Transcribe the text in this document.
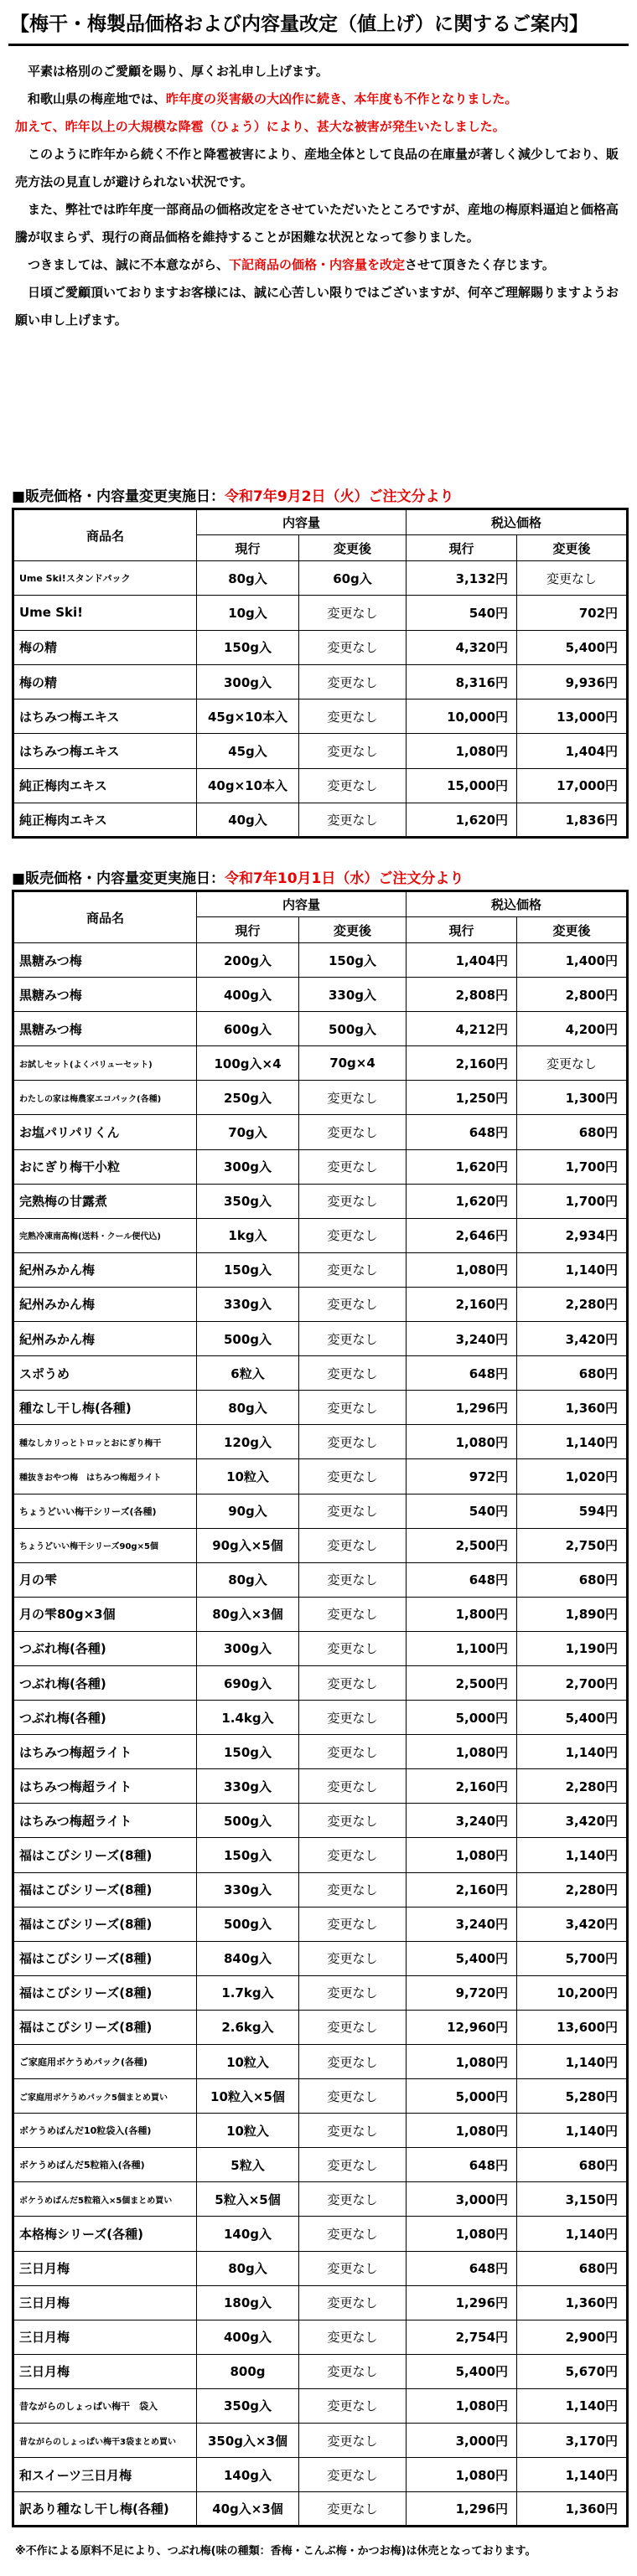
【梅干・梅製品価格および内容量改定（値上げ）に関するご案内】

　平素は格別のご愛顧を賜り、厚くお礼申し上げます。

　和歌山県の梅産地では、昨年度の災害級の大凶作に続き、本年度も不作となりました。

加えて、昨年以上の大規模な降雹（ひょう）により、甚大な被害が発生いたしました。

　このように昨年から続く不作と降雹被害により、産地全体として良品の在庫量が著しく減少しており、販売方法の見直しが避けられない状況です。

　また、弊社では昨年度一部商品の価格改定をさせていただいたところですが、産地の梅原料逼迫と価格高騰が収まらず、現行の商品価格を維持することが困難な状況となって参りました。

　つきましては、誠に不本意ながら、下記商品の価格・内容量を改定させて頂きたく存じます。

　日頃ご愛顧頂いておりますお客様には、誠に心苦しい限りではございますが、何卒ご理解賜りますようお願い申し上げます。

■販売価格・内容量変更実施日：令和7年9月2日（火）ご注文分より
商品名	内容量		税込価格	
	現行	変更後	現行	変更後
Ume Ski!スタンドパック	80g入	60g入	3,132円	変更なし
Ume Ski!	10g入	変更なし	540円	702円
梅の精	150g入	変更なし	4,320円	5,400円
梅の精	300g入	変更なし	8,316円	9,936円
はちみつ梅エキス	45g×10本入	変更なし	10,000円	13,000円
はちみつ梅エキス	45g入	変更なし	1,080円	1,404円
純正梅肉エキス	40g×10本入	変更なし	15,000円	17,000円
純正梅肉エキス	40g入	変更なし	1,620円	1,836円
■販売価格・内容量変更実施日：令和7年10月1日（水）ご注文分より
商品名	内容量		税込価格	
	現行	変更後	現行	変更後
黒糖みつ梅	200g入	150g入	1,404円	1,400円
黒糖みつ梅	400g入	330g入	2,808円	2,800円
黒糖みつ梅	600g入	500g入	4,212円	4,200円
お試しセット(よくバリューセット)	100g入×4	70g×4	2,160円	変更なし
わたしの家は梅農家エコパック(各種)	250g入	変更なし	1,250円	1,300円
お塩パリパリくん	70g入	変更なし	648円	680円
おにぎり梅干小粒	300g入	変更なし	1,620円	1,700円
完熟梅の甘露煮	350g入	変更なし	1,620円	1,700円
完熟冷凍南高梅(送料・クール便代込)	1kg入	変更なし	2,646円	2,934円
紀州みかん梅	150g入	変更なし	1,080円	1,140円
紀州みかん梅	330g入	変更なし	2,160円	2,280円
紀州みかん梅	500g入	変更なし	3,240円	3,420円
スポうめ	6粒入	変更なし	648円	680円
種なし干し梅(各種)	80g入	変更なし	1,296円	1,360円
種なしカリっとトロッとおにぎり梅干	120g入	変更なし	1,080円	1,140円
種抜きおやつ梅　はちみつ梅超ライト	10粒入	変更なし	972円	1,020円
ちょうどいい梅干シリーズ(各種)	90g入	変更なし	540円	594円
ちょうどいい梅干シリーズ90g×5個	90g入×5個	変更なし	2,500円	2,750円
月の雫	80g入	変更なし	648円	680円
月の雫80g×3個	80g入×3個	変更なし	1,800円	1,890円
つぶれ梅(各種)	300g入	変更なし	1,100円	1,190円
つぶれ梅(各種)	690g入	変更なし	2,500円	2,700円
つぶれ梅(各種)	1.4kg入	変更なし	5,000円	5,400円
はちみつ梅超ライト	150g入	変更なし	1,080円	1,140円
はちみつ梅超ライト	330g入	変更なし	2,160円	2,280円
はちみつ梅超ライト	500g入	変更なし	3,240円	3,420円
福はこびシリーズ(8種)	150g入	変更なし	1,080円	1,140円
福はこびシリーズ(8種)	330g入	変更なし	2,160円	2,280円
福はこびシリーズ(8種)	500g入	変更なし	3,240円	3,420円
福はこびシリーズ(8種)	840g入	変更なし	5,400円	5,700円
福はこびシリーズ(8種)	1.7kg入	変更なし	9,720円	10,200円
福はこびシリーズ(8種)	2.6kg入	変更なし	12,960円	13,600円
ご家庭用ボケうめパック(各種)	10粒入	変更なし	1,080円	1,140円
ご家庭用ボケうめパック5個まとめ買い	10粒入×5個	変更なし	5,000円	5,280円
ボケうめばんだ10粒袋入(各種)	10粒入	変更なし	1,080円	1,140円
ボケうめばんだ5粒箱入(各種)	5粒入	変更なし	648円	680円
ボケうめばんだ5粒箱入×5個まとめ買い	5粒入×5個	変更なし	3,000円	3,150円
本格梅シリーズ(各種)	140g入	変更なし	1,080円	1,140円
三日月梅	80g入	変更なし	648円	680円
三日月梅	180g入	変更なし	1,296円	1,360円
三日月梅	400g入	変更なし	2,754円	2,900円
三日月梅	800g	変更なし	5,400円	5,670円
昔ながらのしょっぱい梅干　袋入	350g入	変更なし	1,080円	1,140円
昔ながらのしょっぱい梅干3袋まとめ買い	350g入×3個	変更なし	3,000円	3,170円
和スイーツ三日月梅	140g入	変更なし	1,080円	1,140円
訳あり種なし干し梅(各種)	40g入×3個	変更なし	1,296円	1,360円
※不作による原料不足により、つぶれ梅(味の種類：香梅・こんぶ梅・かつお梅)は休売となっております。
